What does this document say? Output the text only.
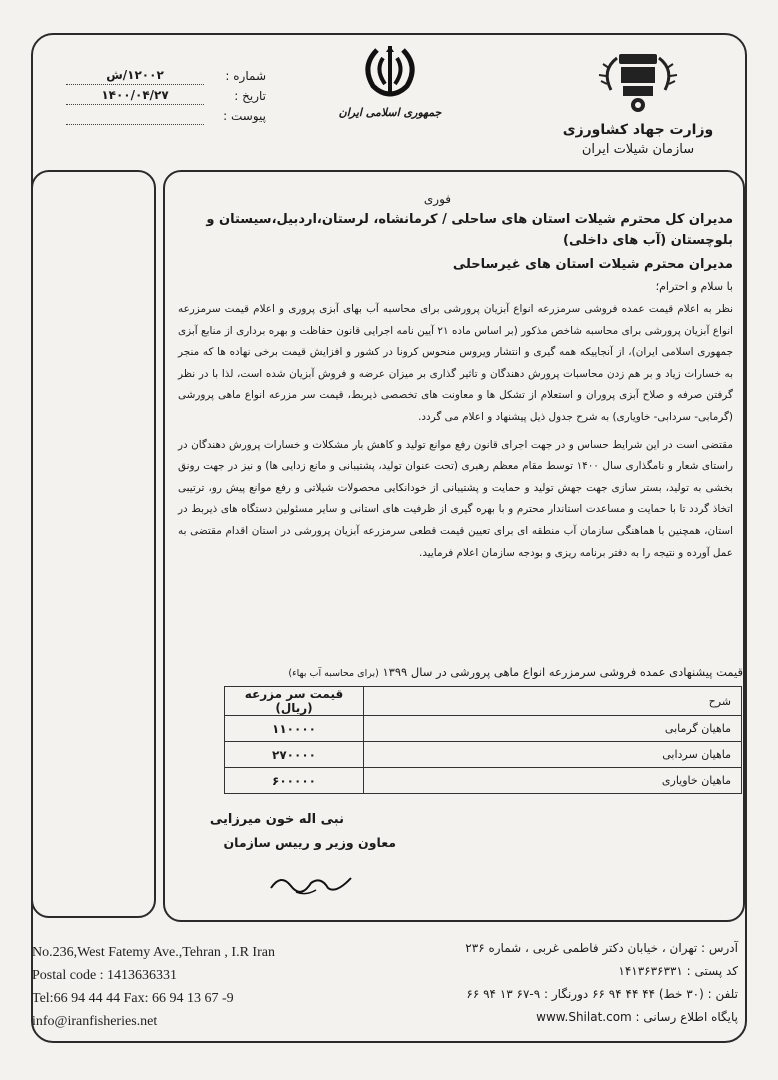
وزارت جهاد کشاورزی
سازمان شیلات ایران
جمهوری اسلامی ایران
شماره :
۱۲۰۰۲/ش
تاریخ :
۱۴۰۰/۰۴/۲۷
پیوست :
فوری
مدیران کل محترم شیلات استان های ساحلی / کرمانشاه، لرستان،اردبیل،سیستان و بلوچستان (آب های داخلی)
مدیران محترم شیلات استان های غیرساحلی
با سلام و احترام؛
نظر به اعلام قیمت عمده فروشی سرمزرعه انواع آبزیان پرورشی برای محاسبه آب بهای آبزی پروری و اعلام قیمت سرمزرعه انواع آبزیان پرورشی برای محاسبه شاخص مذکور (بر اساس ماده ۲۱ آیین نامه اجرایی قانون حفاظت و بهره برداری از منابع آبزی جمهوری اسلامی ایران)، از آنجاییکه همه گیری و انتشار ویروس منحوس کرونا در کشور و افزایش قیمت برخی نهاده ها که منجر به خسارات زیاد و بر هم زدن محاسبات پرورش دهندگان و تاثیر گذاری بر میزان عرضه و فروش آبزیان شده است، لذا با در نظر گرفتن صرفه و صلاح آبزی پروران و استعلام از تشکل ها و معاونت های تخصصی ذیربط، قیمت سر مزرعه انواع ماهی پرورشی (گرمابی- سردابی- خاویاری) به شرح جدول ذیل پیشنهاد و اعلام می گردد.
مقتضی است در این شرایط حساس و در جهت اجرای قانون رفع موانع تولید و کاهش بار مشکلات و خسارات پرورش دهندگان در راستای شعار و نامگذاری سال ۱۴۰۰ توسط مقام معظم رهبری (تحت عنوان تولید، پشتیبانی و مانع زدایی ها) و نیز در جهت رونق بخشی به تولید، بستر سازی جهت جهش تولید و حمایت و پشتیبانی از خودانکایی محصولات شیلاتی و رفع موانع پیش رو، ترتیبی اتخاذ گردد تا با حمایت و مساعدت استاندار محترم و با بهره گیری از ظرفیت های استانی و سایر مسئولین دستگاه های ذیربط در استان، همچنین با هماهنگی سازمان آب منطقه ای برای تعیین قیمت قطعی سرمزرعه آبزیان پرورشی در استان اقدام مقتضی به عمل آورده و نتیجه را به دفتر برنامه ریزی و بودجه سازمان اعلام فرمایید.
قیمت پیشنهادی عمده فروشی سرمزرعه انواع ماهی پرورشی در سال ۱۳۹۹ (برای محاسبه آب بهاء)
شرح	قیمت سر مزرعه (ریال)
ماهیان گرمابی	۱۱۰۰۰۰
ماهیان سردابی	۲۷۰۰۰۰
ماهیان خاویاری	۶۰۰۰۰۰
نبی اله خون میرزایی
معاون وزیر و رییس سازمان
No.236,West Fatemy Ave.,Tehran , I.R Iran
Postal code : 1413636331
Tel:66 94 44 44 Fax: 66 94 13 67 -9
info@iranfisheries.net
آدرس : تهران ، خیابان دکتر فاطمی غربی ، شماره ۲۳۶
کد پستی : ۱۴۱۳۶۳۶۳۳۱
تلفن : (۳۰ خط) ۴۴ ۴۴ ۹۴ ۶۶ دورنگار : ۹-۶۷ ۱۳ ۹۴ ۶۶
پایگاه اطلاع رسانی : www.Shilat.com
